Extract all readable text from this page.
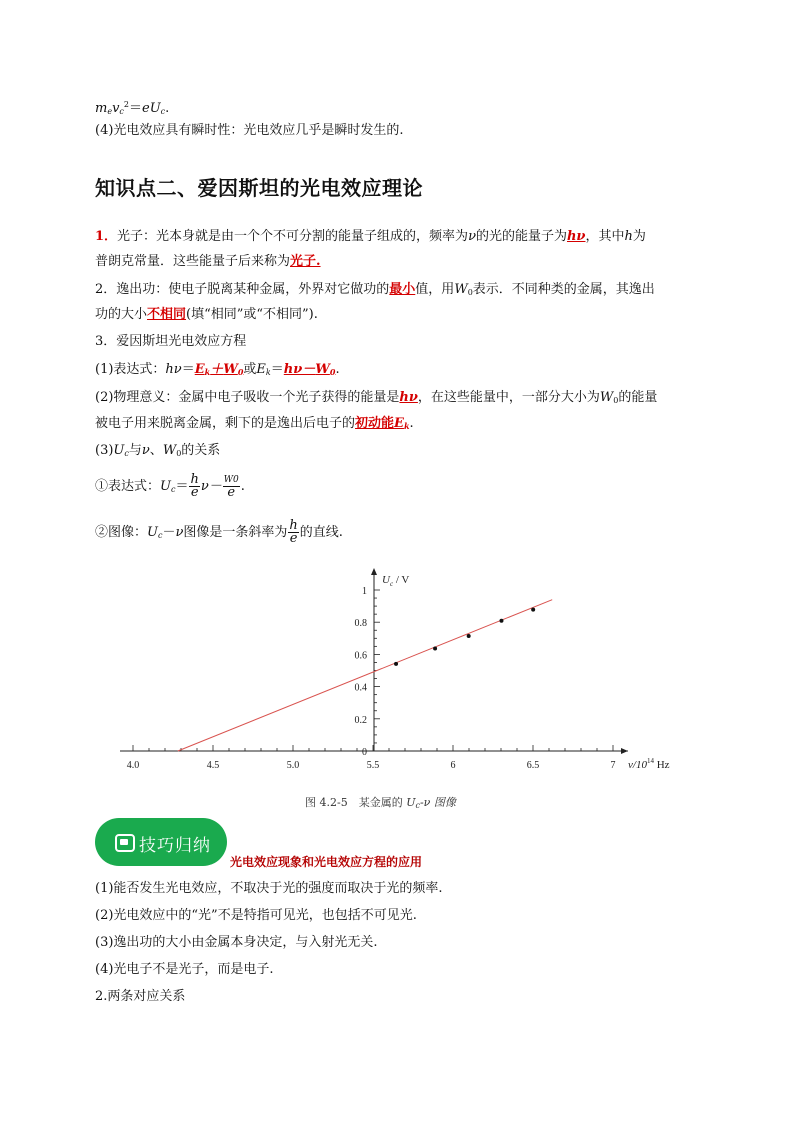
$m_ev_c^2=eU_c$.
(4)光电效应具有瞬时性：光电效应几乎是瞬时发生的.
知识点二、爱因斯坦的光电效应理论
1．光子：光本身就是由一个个不可分割的能量子组成的，频率为ν的光的能量子为hν，其中h为
普朗克常量．这些能量子后来称为光子.
2．逸出功：使电子脱离某种金属，外界对它做功的最小值，用$W_0$表示．不同种类的金属，其逸出
功的大小不相同(填“相同”或“不相同”).
3．爱因斯坦光电效应方程
(1)表达式：$h\nu=E_k+W_0$或$E_k=h\nu-W_0$.
(2)物理意义：金属中电子吸收一个光子获得的能量是hν，在这些能量中，一部分大小为$W_0$的能量
被电子用来脱离金属，剩下的是逸出后电子的初动能$E_k$.
$(3)U_c$与ν、$W_0$的关系
①表达式：$U_c= \frac{h}{e} \nu- \frac{W0}{e}$ .
②图像：$U_c-\nu$图像是一条斜率为 $\frac{h}{e}$ 的直线.
4.0	4.5	5.0	5.5	6	6.5	7
0
0.2
0.4
0.6
0.8
1
$U_c$ / V
$\nu/10^{14}$ Hz
图 4.2-5　某金属的 $U_c-\nu$ 图像
技巧归纳
光电效应现象和光电效应方程的应用
(1)能否发生光电效应，不取决于光的强度而取决于光的频率.
(2)光电效应中的“光”不是特指可见光，也包括不可见光.
(3)逸出功的大小由金属本身决定，与入射光无关.
(4)光电子不是光子，而是电子.
2.两条对应关系
